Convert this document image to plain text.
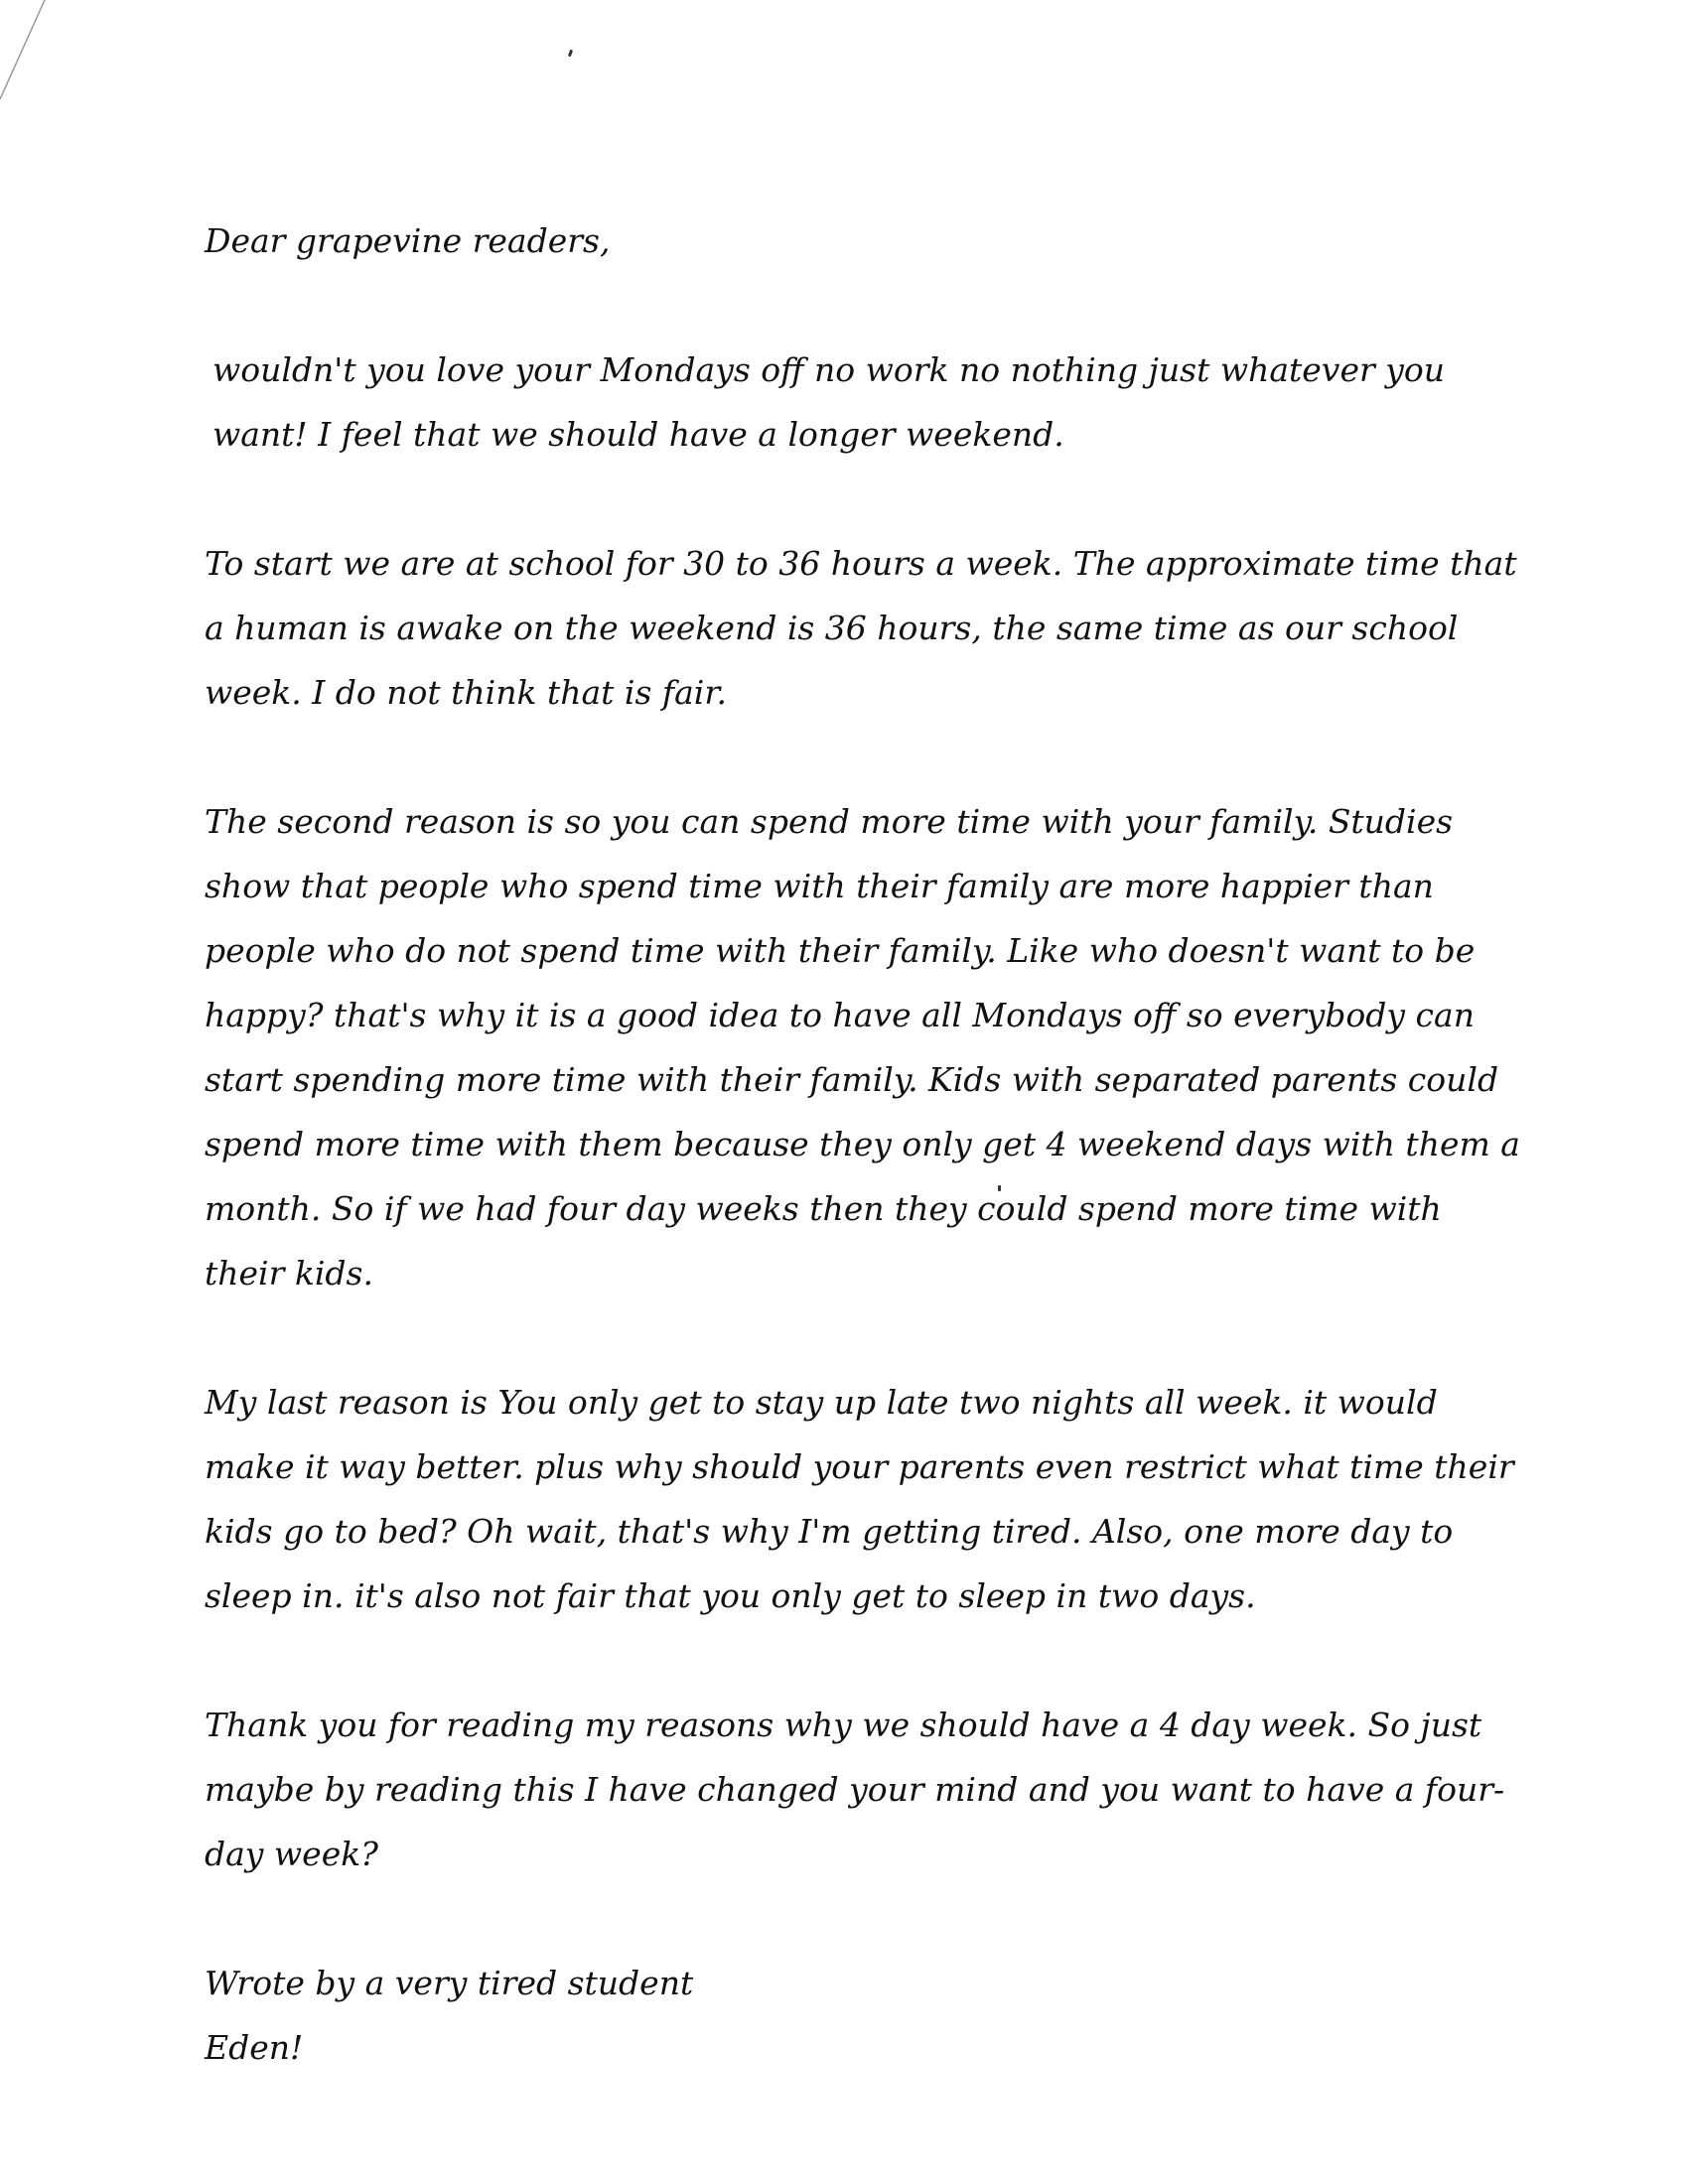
Dear grapevine readers,

wouldn't you love your Mondays off no work no nothing just whatever you want! I feel that we should have a longer weekend.

To start we are at school for 30 to 36 hours a week. The approximate time that a human is awake on the weekend is 36 hours, the same time as our school week. I do not think that is fair.

The second reason is so you can spend more time with your family. Studies show that people who spend time with their family are more happier than people who do not spend time with their family. Like who doesn't want to be happy? that's why it is a good idea to have all Mondays off so everybody can start spending more time with their family. Kids with separated parents could spend more time with them because they only get 4 weekend days with them a month. So if we had four day weeks then they could spend more time with their kids.

My last reason is You only get to stay up late two nights all week. it would make it way better. plus why should your parents even restrict what time their kids go to bed? Oh wait, that's why I'm getting tired. Also, one more day to sleep in. it's also not fair that you only get to sleep in two days.

Thank you for reading my reasons why we should have a 4 day week. So just maybe by reading this I have changed your mind and you want to have a four-day week?

Wrote by a very tired student

Eden!
